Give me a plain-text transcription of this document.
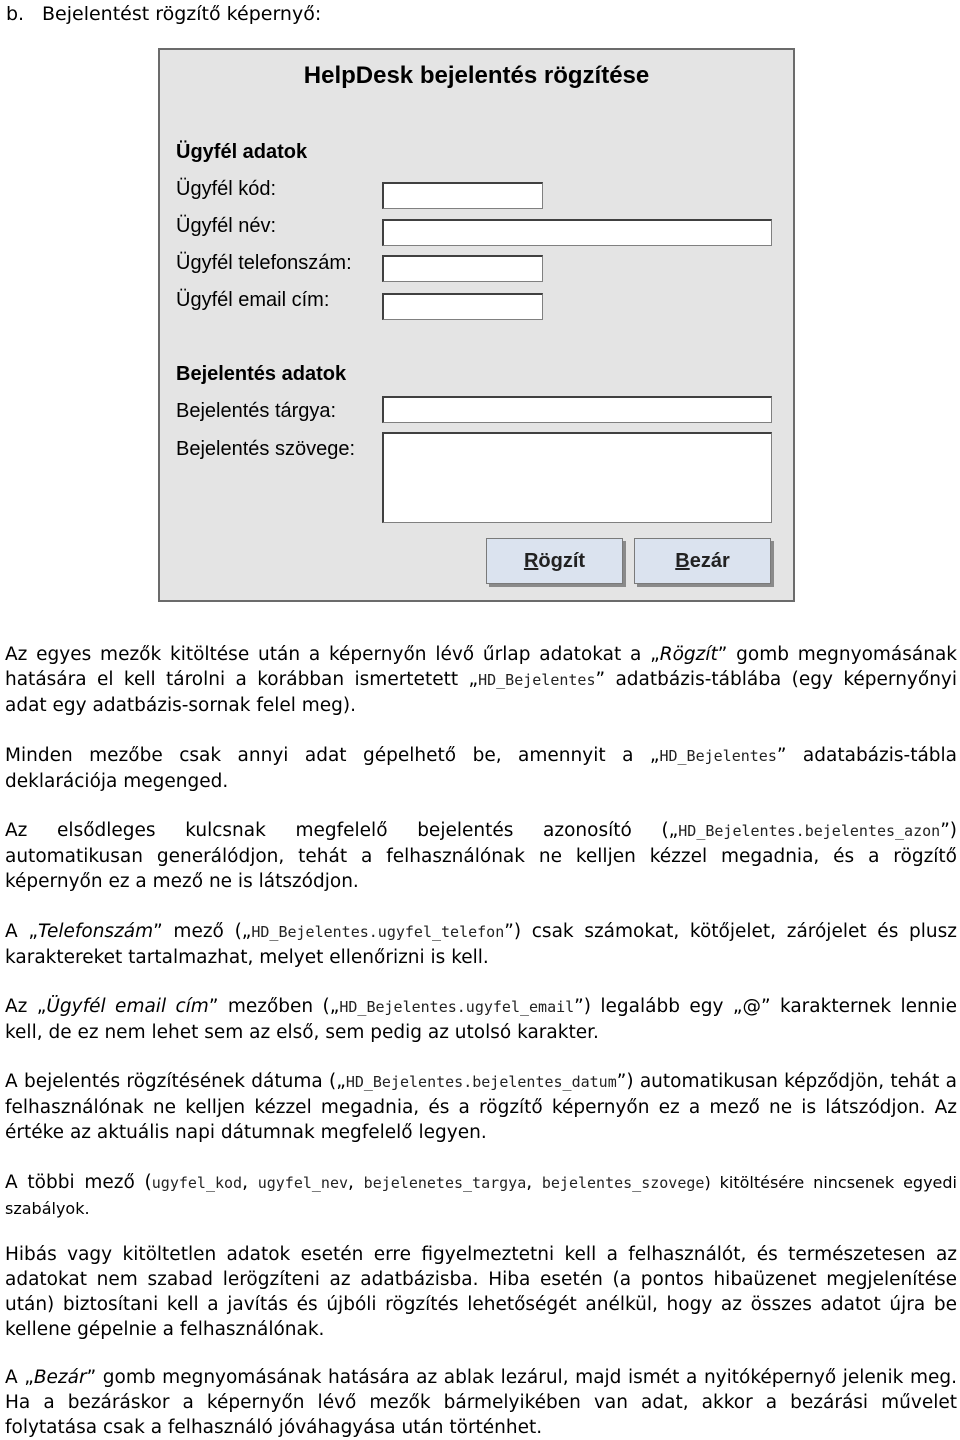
b. Bejelentést rögzítő képernyő:
HelpDesk bejelentés rögzítése
Ügyfél adatok
Ügyfél kód:
Ügyfél név:
Ügyfél telefonszám:
Ügyfél email cím:
Bejelentés adatok
Bejelentés tárgya:
Bejelentés szövege:
Rögzít	Bezár
Az egyes mezők kitöltése után a képernyőn lévő űrlap adatokat a „Rögzít” gomb megnyomásának hatására el kell tárolni a korábban ismertetett „HD_Bejelentes” adatbázis-táblába (egy képernyőnyi adat egy adatbázis-sornak felel meg).
Minden mezőbe csak annyi adat gépelhető be, amennyit a „HD_Bejelentes” adatabázis-tábla deklarációja megenged.
Az elsődleges kulcsnak megfelelő bejelentés azonosító („HD_Bejelentes.bejelentes_azon”) automatikusan generálódjon, tehát a felhasználónak ne kelljen kézzel megadnia, és a rögzítő képernyőn ez a mező ne is látszódjon.
A „Telefonszám” mező („HD_Bejelentes.ugyfel_telefon”) csak számokat, kötőjelet, zárójelet és plusz karaktereket tartalmazhat, melyet ellenőrizni is kell.
Az „Ügyfél email cím” mezőben („HD_Bejelentes.ugyfel_email”) legalább egy „@” karakternek lennie kell, de ez nem lehet sem az első, sem pedig az utolsó karakter.
A bejelentés rögzítésének dátuma („HD_Bejelentes.bejelentes_datum”) automatikusan képződjön, tehát a felhasználónak ne kelljen kézzel megadnia, és a rögzítő képernyőn ez a mező ne is látszódjon. Az értéke az aktuális napi dátumnak megfelelő legyen.
A többi mező (ugyfel_kod, ugyfel_nev, bejelenetes_targya, bejelentes_szovege) kitöltésére nincsenek egyedi szabályok.
Hibás vagy kitöltetlen adatok esetén erre figyelmeztetni kell a felhasználót, és természetesen az adatokat nem szabad lerögzíteni az adatbázisba. Hiba esetén (a pontos hibaüzenet megjelenítése után) biztosítani kell a javítás és újbóli rögzítés lehetőségét anélkül, hogy az összes adatot újra be kellene gépelnie a felhasználónak.
A „Bezár” gomb megnyomásának hatására az ablak lezárul, majd ismét a nyitóképernyő jelenik meg. Ha a bezáráskor a képernyőn lévő mezők bármelyikében van adat, akkor a bezárási művelet folytatása csak a felhasználó jóváhagyása után történhet.
